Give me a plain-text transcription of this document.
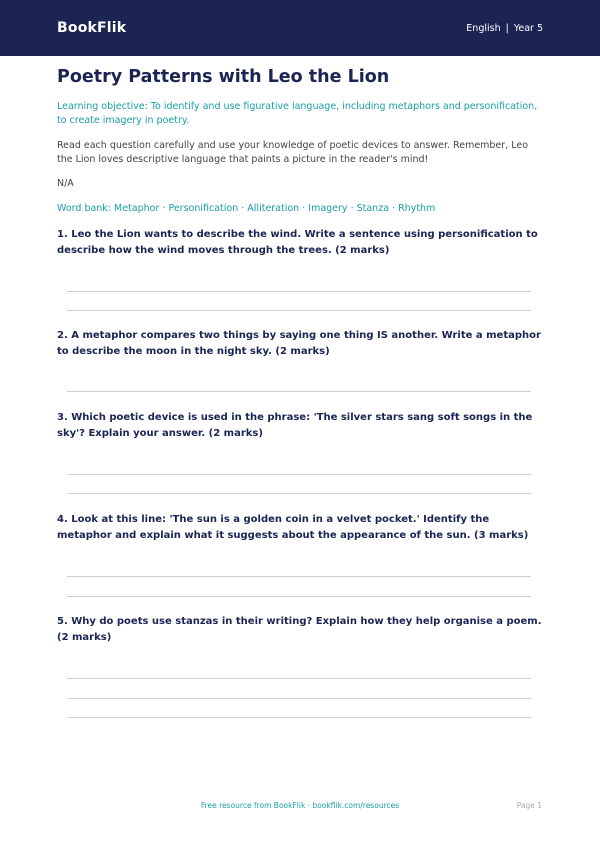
BookFlik	English | Year 5
Poetry Patterns with Leo the Lion
Learning objective: To identify and use figurative language, including metaphors and personification, to create imagery in poetry.
Read each question carefully and use your knowledge of poetic devices to answer. Remember, Leo the Lion loves descriptive language that paints a picture in the reader's mind!
N/A
Word bank: Metaphor · Personification · Alliteration · Imagery · Stanza · Rhythm
1. Leo the Lion wants to describe the wind. Write a sentence using personification to describe how the wind moves through the trees. (2 marks)
2. A metaphor compares two things by saying one thing IS another. Write a metaphor to describe the moon in the night sky. (2 marks)
3. Which poetic device is used in the phrase: 'The silver stars sang soft songs in the sky'? Explain your answer. (2 marks)
4. Look at this line: 'The sun is a golden coin in a velvet pocket.' Identify the metaphor and explain what it suggests about the appearance of the sun. (3 marks)
5. Why do poets use stanzas in their writing? Explain how they help organise a poem. (2 marks)
Free resource from BookFlik · bookflik.com/resources	Page 1
